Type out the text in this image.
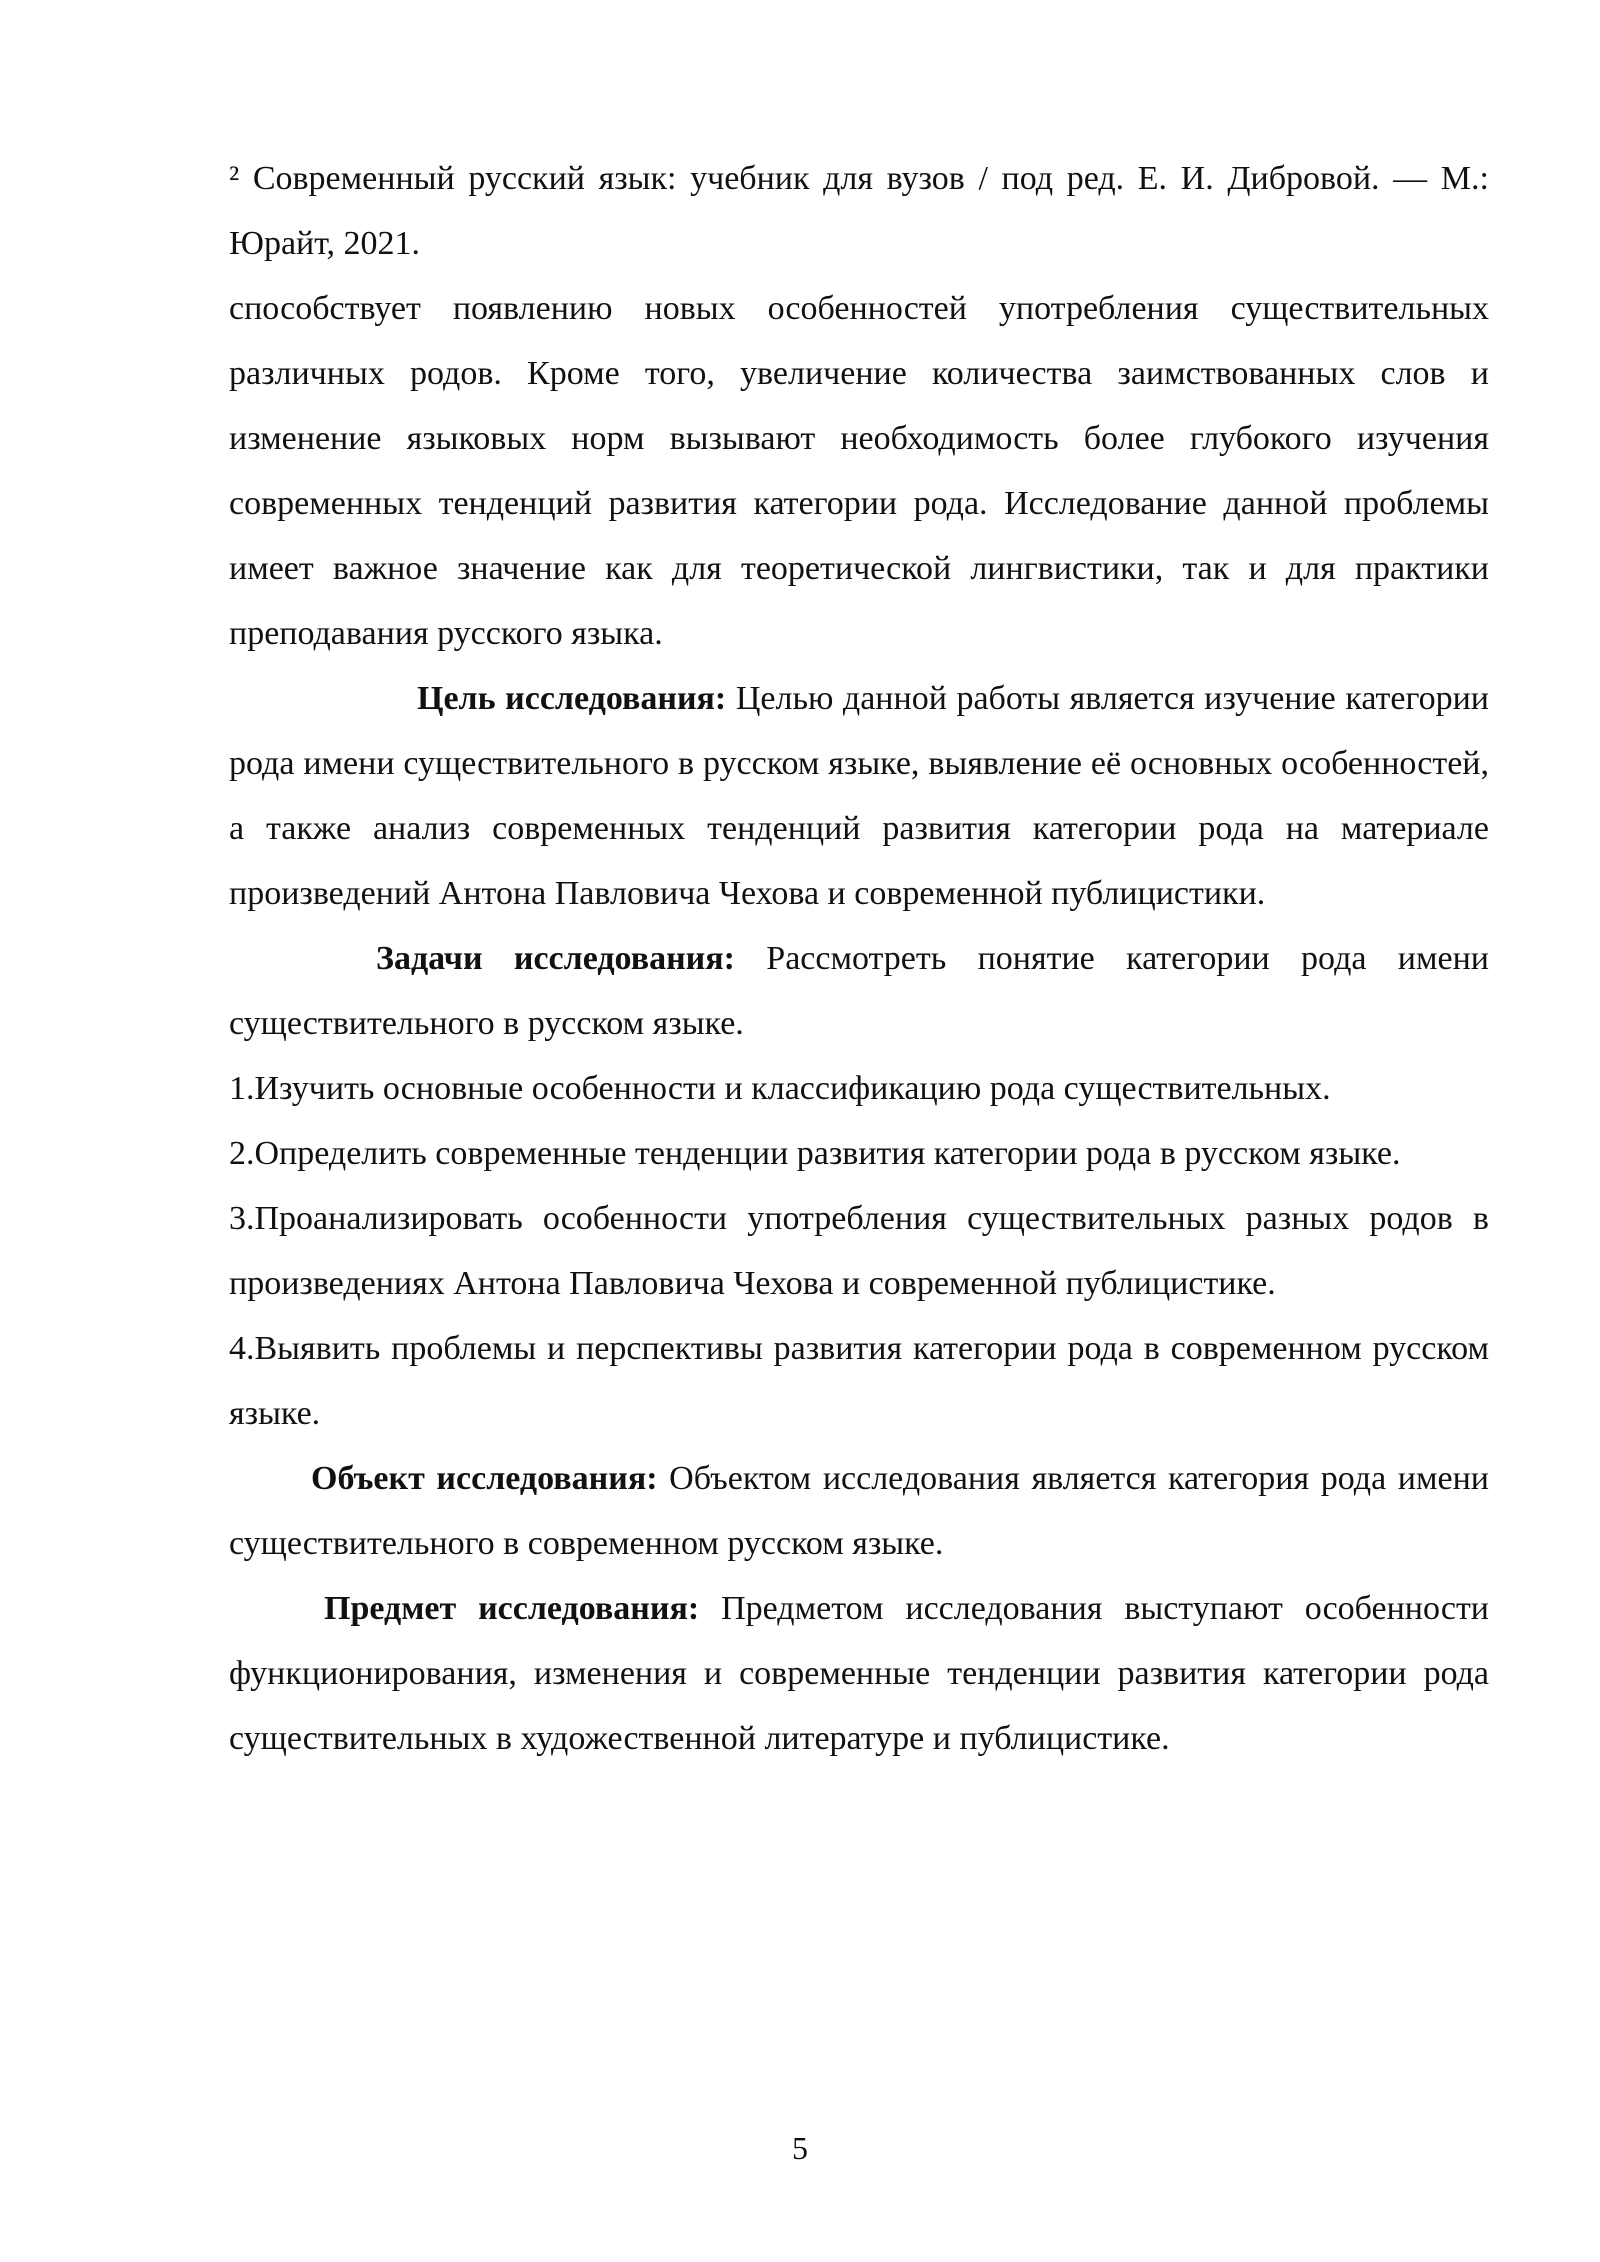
² Современный русский язык: учебник для вузов / под ред. Е. И. Дибровой. — М.: Юрайт, 2021.

способствует появлению новых особенностей употребления существительных различных родов. Кроме того, увеличение количества заимствованных слов и изменение языковых норм вызывают необходимость более глубокого изучения современных тенденций развития категории рода. Исследование данной проблемы имеет важное значение как для теоретической лингвистики, так и для практики преподавания русского языка.

Цель исследования: Целью данной работы является изучение категории рода имени существительного в русском языке, выявление её основных особенностей, а также анализ современных тенденций развития категории рода на материале произведений Антона Павловича Чехова и современной публицистики.

Задачи исследования: Рассмотреть понятие категории рода имени существительного в русском языке.

1.Изучить основные особенности и классификацию рода существительных.

2.Определить современные тенденции развития категории рода в русском языке.

3.Проанализировать особенности употребления существительных разных родов в произведениях Антона Павловича Чехова и современной публицистике.

4.Выявить проблемы и перспективы развития категории рода в современном русском языке.

Объект исследования: Объектом исследования является категория рода имени существительного в современном русском языке.

Предмет исследования: Предметом исследования выступают особенности функционирования, изменения и современные тенденции развития категории рода существительных в художественной литературе и публицистике.

5
